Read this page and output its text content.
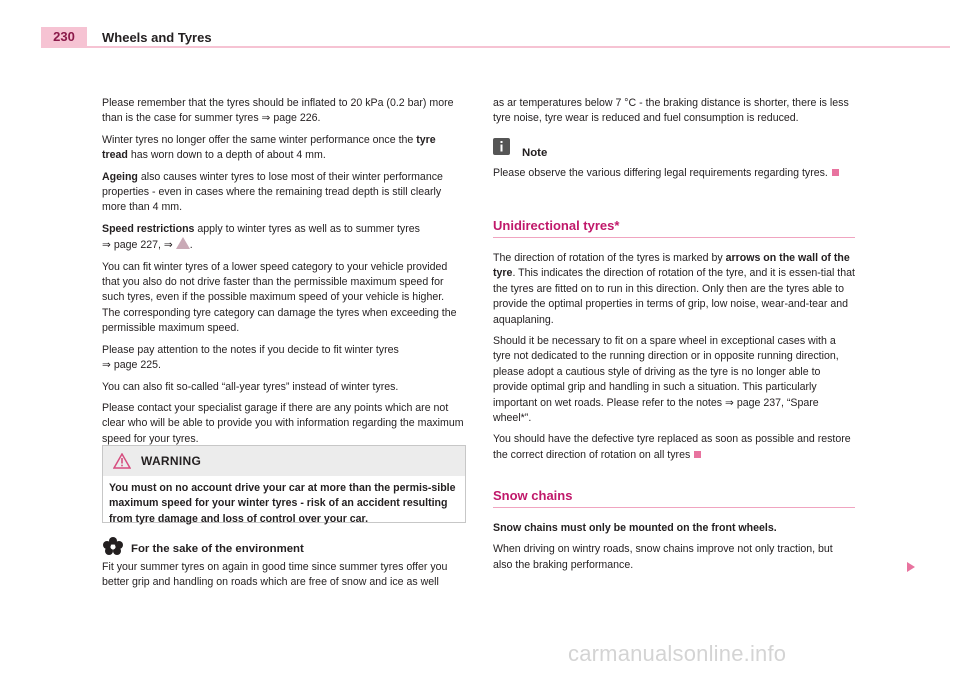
230	Wheels and Tyres

Please remember that the tyres should be inflated to 20 kPa (0.2 bar) more than is the case for summer tyres ⇒ page 226.

Winter tyres no longer offer the same winter performance once the tyre tread has worn down to a depth of about 4 mm.

Ageing also causes winter tyres to lose most of their winter performance properties - even in cases where the remaining tread depth is still clearly more than 4 mm.

Speed restrictions apply to winter tyres as well as to summer tyres
⇒ page 227, ⇒ .

You can fit winter tyres of a lower speed category to your vehicle provided that you also do not drive faster than the permissible maximum speed for such tyres, even if the possible maximum speed of your vehicle is higher. The corresponding tyre category can damage the tyres when exceeding the permissible maximum speed.

Please pay attention to the notes if you decide to fit winter tyres
⇒ page 225.

You can also fit so-called “all-year tyres” instead of winter tyres.

Please contact your specialist garage if there are any points which are not clear who will be able to provide you with information regarding the maximum speed for your tyres.

WARNING
You must on no account drive your car at more than the permis-sible maximum speed for your winter tyres - risk of an accident resulting from tyre damage and loss of control over your car.
For the sake of the environment
Fit your summer tyres on again in good time since summer tyres offer you better grip and handling on roads which are free of snow and ice as well

as ar temperatures below 7 °C - the braking distance is shorter, there is less tyre noise, tyre wear is reduced and fuel consumption is reduced.

Note
Please observe the various differing legal requirements regarding tyres.
Unidirectional tyres*

The direction of rotation of the tyres is marked by arrows on the wall of the tyre. This indicates the direction of rotation of the tyre, and it is essen-tial that the tyres are fitted on to run in this direction. Only then are the tyres able to provide the optimal properties in terms of grip, low noise, wear-and-tear and aquaplaning.

Should it be necessary to fit on a spare wheel in exceptional cases with a tyre not dedicated to the running direction or in opposite running direction, please adopt a cautious style of driving as the tyre is no longer able to provide optimal grip and handling in such a situation. This particularly important on wet roads. Please refer to the notes ⇒ page 237, “Spare wheel*”.

You should have the defective tyre replaced as soon as possible and restore the correct direction of rotation on all tyres

Snow chains

Snow chains must only be mounted on the front wheels.

When driving on wintry roads, snow chains improve not only traction, but also the braking performance.

carmanualsonline.info
